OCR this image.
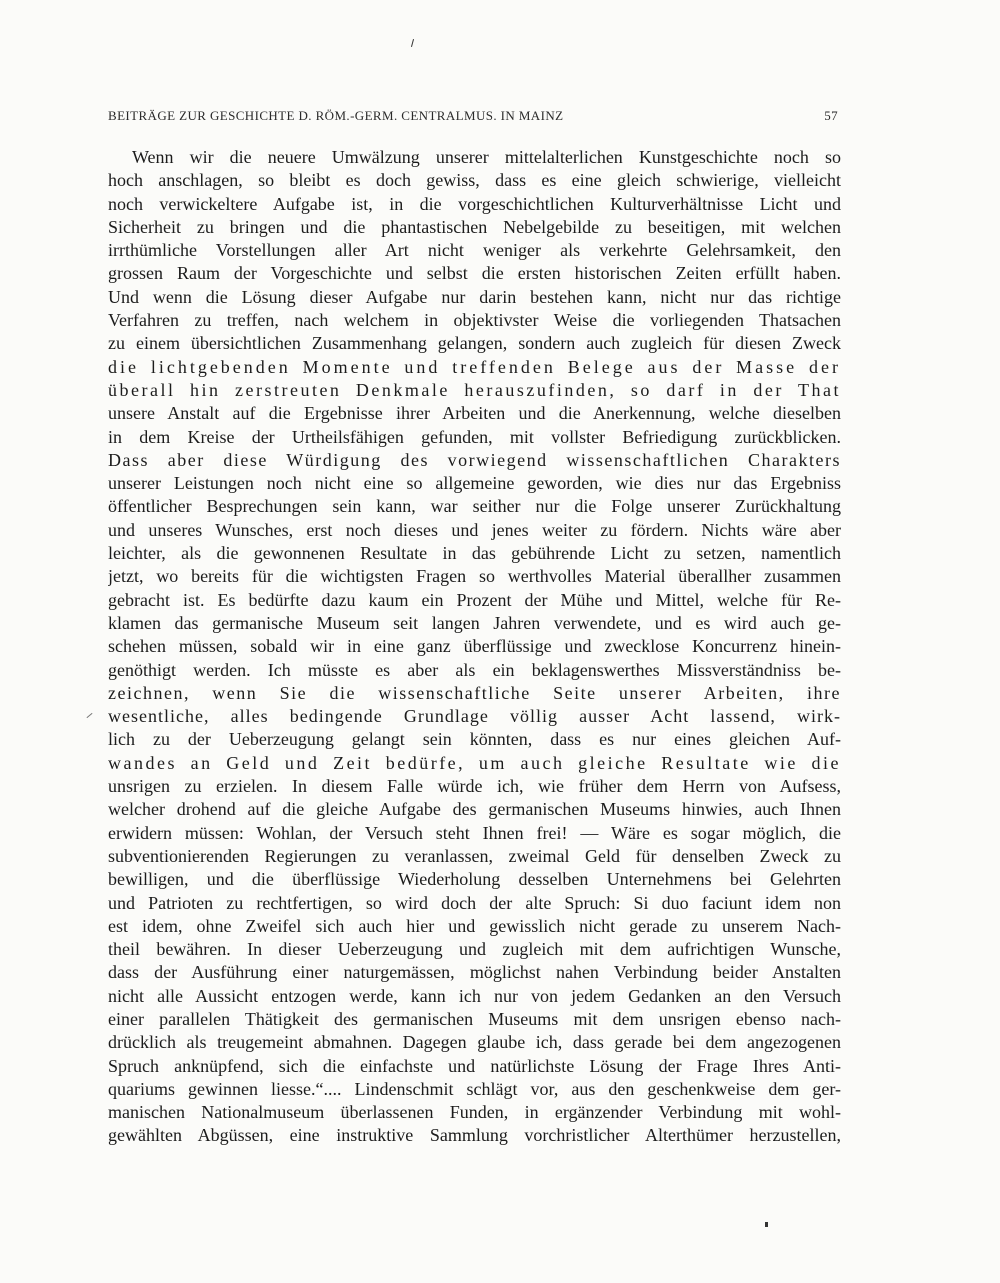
BEITRÄGE ZUR GESCHICHTE D. RÖM.-GERM. CENTRALMUS. IN MAINZ	57
Wenn wir die neuere Umwälzung unserer mittelalterlichen Kunstgeschichte noch so
hoch anschlagen, so bleibt es doch gewiss, dass es eine gleich schwierige, vielleicht
noch verwickeltere Aufgabe ist, in die vorgeschichtlichen Kulturverhältnisse Licht und
Sicherheit zu bringen und die phantastischen Nebelgebilde zu beseitigen, mit welchen
irrthümliche Vorstellungen aller Art nicht weniger als verkehrte Gelehrsamkeit, den
grossen Raum der Vorgeschichte und selbst die ersten historischen Zeiten erfüllt haben.
Und wenn die Lösung dieser Aufgabe nur darin bestehen kann, nicht nur das richtige
Verfahren zu treffen, nach welchem in objektivster Weise die vorliegenden Thatsachen
zu einem übersichtlichen Zusammenhang gelangen, sondern auch zugleich für diesen Zweck
die lichtgebenden Momente und treffenden Belege aus der Masse der
überall hin zerstreuten Denkmale herauszufinden, so darf in der That
unsere Anstalt auf die Ergebnisse ihrer Arbeiten und die Anerkennung, welche dieselben
in dem Kreise der Urtheilsfähigen gefunden, mit vollster Befriedigung zurückblicken.
Dass aber diese Würdigung des vorwiegend wissenschaftlichen Charakters
unserer Leistungen noch nicht eine so allgemeine geworden, wie dies nur das Ergebniss
öffentlicher Besprechungen sein kann, war seither nur die Folge unserer Zurückhaltung
und unseres Wunsches, erst noch dieses und jenes weiter zu fördern. Nichts wäre aber
leichter, als die gewonnenen Resultate in das gebührende Licht zu setzen, namentlich
jetzt, wo bereits für die wichtigsten Fragen so werthvolles Material überallher zusammen
gebracht ist. Es bedürfte dazu kaum ein Prozent der Mühe und Mittel, welche für Re-
klamen das germanische Museum seit langen Jahren verwendete, und es wird auch ge-
schehen müssen, sobald wir in eine ganz überflüssige und zwecklose Koncurrenz hinein-
genöthigt werden. Ich müsste es aber als ein beklagenswerthes Missverständniss be-
zeichnen, wenn Sie die wissenschaftliche Seite unserer Arbeiten, ihre
wesentliche, alles bedingende Grundlage völlig ausser Acht lassend, wirk-
lich zu der Ueberzeugung gelangt sein könnten, dass es nur eines gleichen Auf-
wandes an Geld und Zeit bedürfe, um auch gleiche Resultate wie die
unsrigen zu erzielen. In diesem Falle würde ich, wie früher dem Herrn von Aufsess,
welcher drohend auf die gleiche Aufgabe des germanischen Museums hinwies, auch Ihnen
erwidern müssen: Wohlan, der Versuch steht Ihnen frei! — Wäre es sogar möglich, die
subventionierenden Regierungen zu veranlassen, zweimal Geld für denselben Zweck zu
bewilligen, und die überflüssige Wiederholung desselben Unternehmens bei Gelehrten
und Patrioten zu rechtfertigen, so wird doch der alte Spruch: Si duo faciunt idem non
est idem, ohne Zweifel sich auch hier und gewisslich nicht gerade zu unserem Nach-
theil bewähren. In dieser Ueberzeugung und zugleich mit dem aufrichtigen Wunsche,
dass der Ausführung einer naturgemässen, möglichst nahen Verbindung beider Anstalten
nicht alle Aussicht entzogen werde, kann ich nur von jedem Gedanken an den Versuch
einer parallelen Thätigkeit des germanischen Museums mit dem unsrigen ebenso nach-
drücklich als treugemeint abmahnen. Dagegen glaube ich, dass gerade bei dem angezogenen
Spruch anknüpfend, sich die einfachste und natürlichste Lösung der Frage Ihres Anti-
quariums gewinnen liesse.“.... Lindenschmit schlägt vor, aus den geschenkweise dem ger-
manischen Nationalmuseum überlassenen Funden, in ergänzender Verbindung mit wohl-
gewählten Abgüssen, eine instruktive Sammlung vorchristlicher Alterthümer herzustellen,
